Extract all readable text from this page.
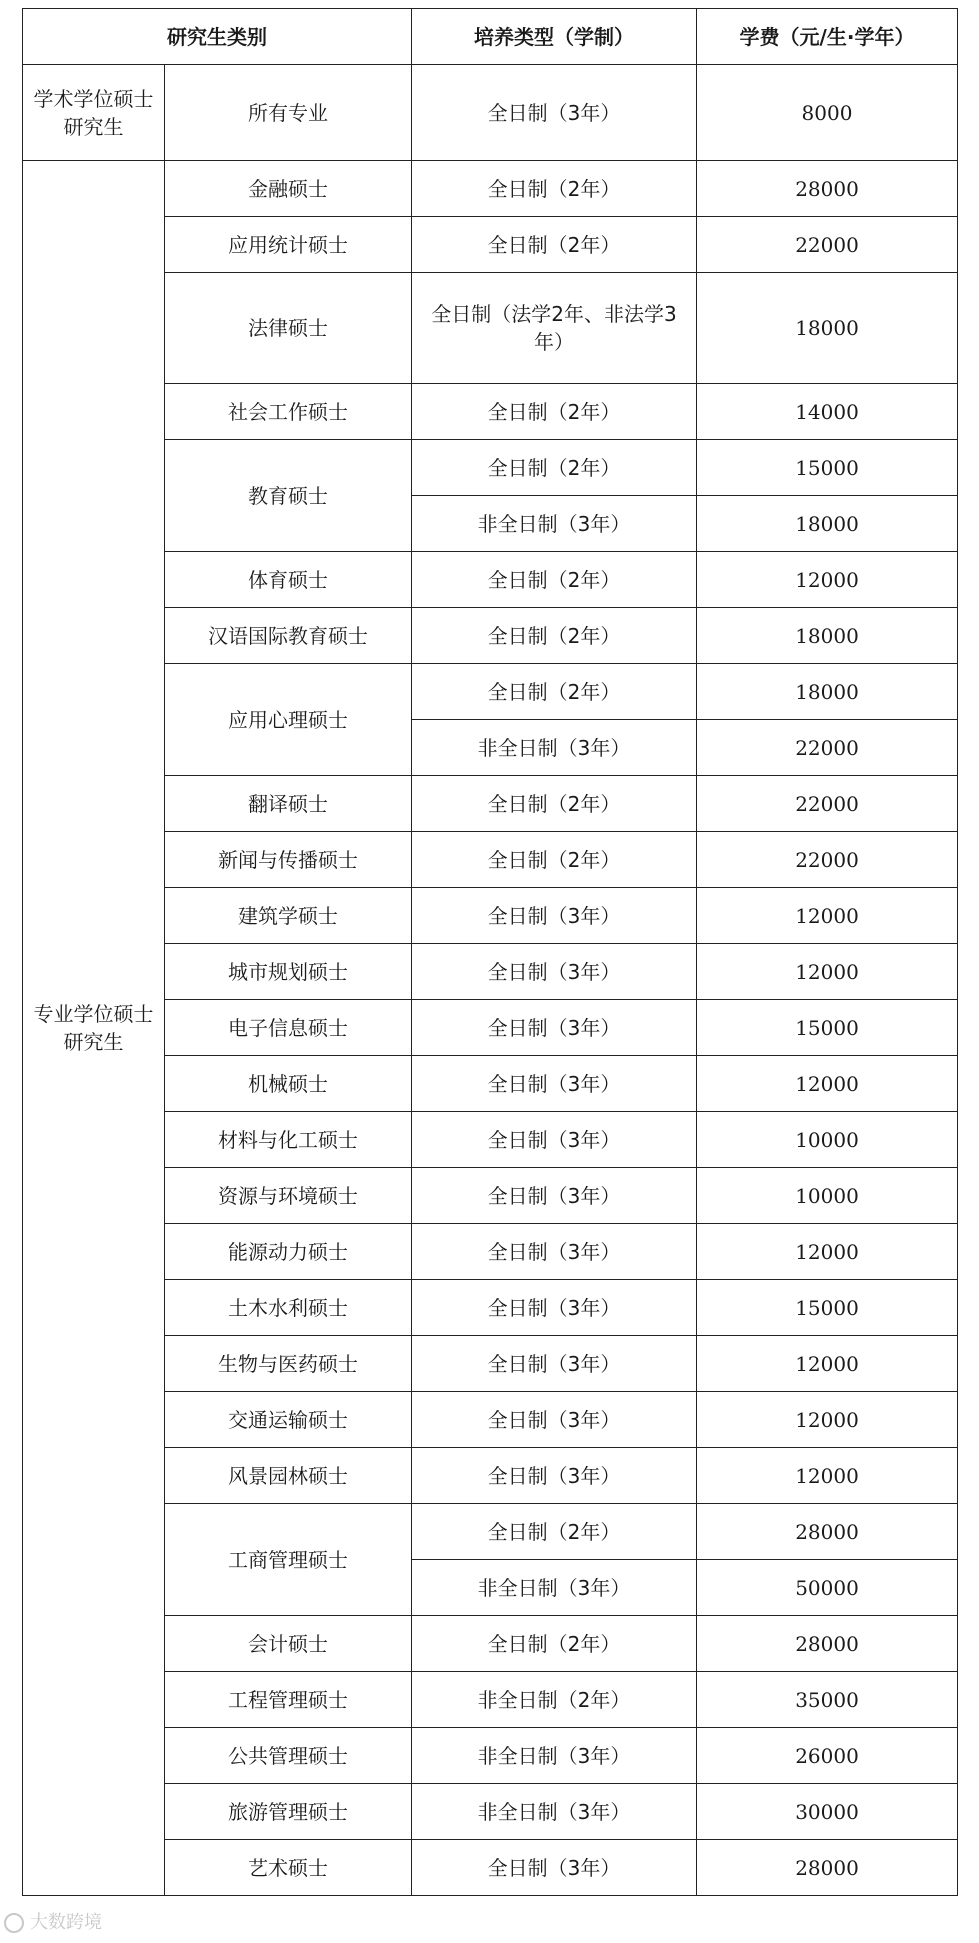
研究生类别		培养类型（学制）	学费（元/生·学年）
学术学位硕士研究生	所有专业	全日制（3年）	8000
专业学位硕士研究生	金融硕士	全日制（2年）	28000
	应用统计硕士	全日制（2年）	22000
	法律硕士	全日制（法学2年、非法学3年）	18000
	社会工作硕士	全日制（2年）	14000
	教育硕士	全日制（2年）	15000
		非全日制（3年）	18000
	体育硕士	全日制（2年）	12000
	汉语国际教育硕士	全日制（2年）	18000
	应用心理硕士	全日制（2年）	18000
		非全日制（3年）	22000
	翻译硕士	全日制（2年）	22000
	新闻与传播硕士	全日制（2年）	22000
	建筑学硕士	全日制（3年）	12000
	城市规划硕士	全日制（3年）	12000
	电子信息硕士	全日制（3年）	15000
	机械硕士	全日制（3年）	12000
	材料与化工硕士	全日制（3年）	10000
	资源与环境硕士	全日制（3年）	10000
	能源动力硕士	全日制（3年）	12000
	土木水利硕士	全日制（3年）	15000
	生物与医药硕士	全日制（3年）	12000
	交通运输硕士	全日制（3年）	12000
	风景园林硕士	全日制（3年）	12000
	工商管理硕士	全日制（2年）	28000
		非全日制（3年）	50000
	会计硕士	全日制（2年）	28000
	工程管理硕士	非全日制（2年）	35000
	公共管理硕士	非全日制（3年）	26000
	旅游管理硕士	非全日制（3年）	30000
	艺术硕士	全日制（3年）	28000
大数跨境
